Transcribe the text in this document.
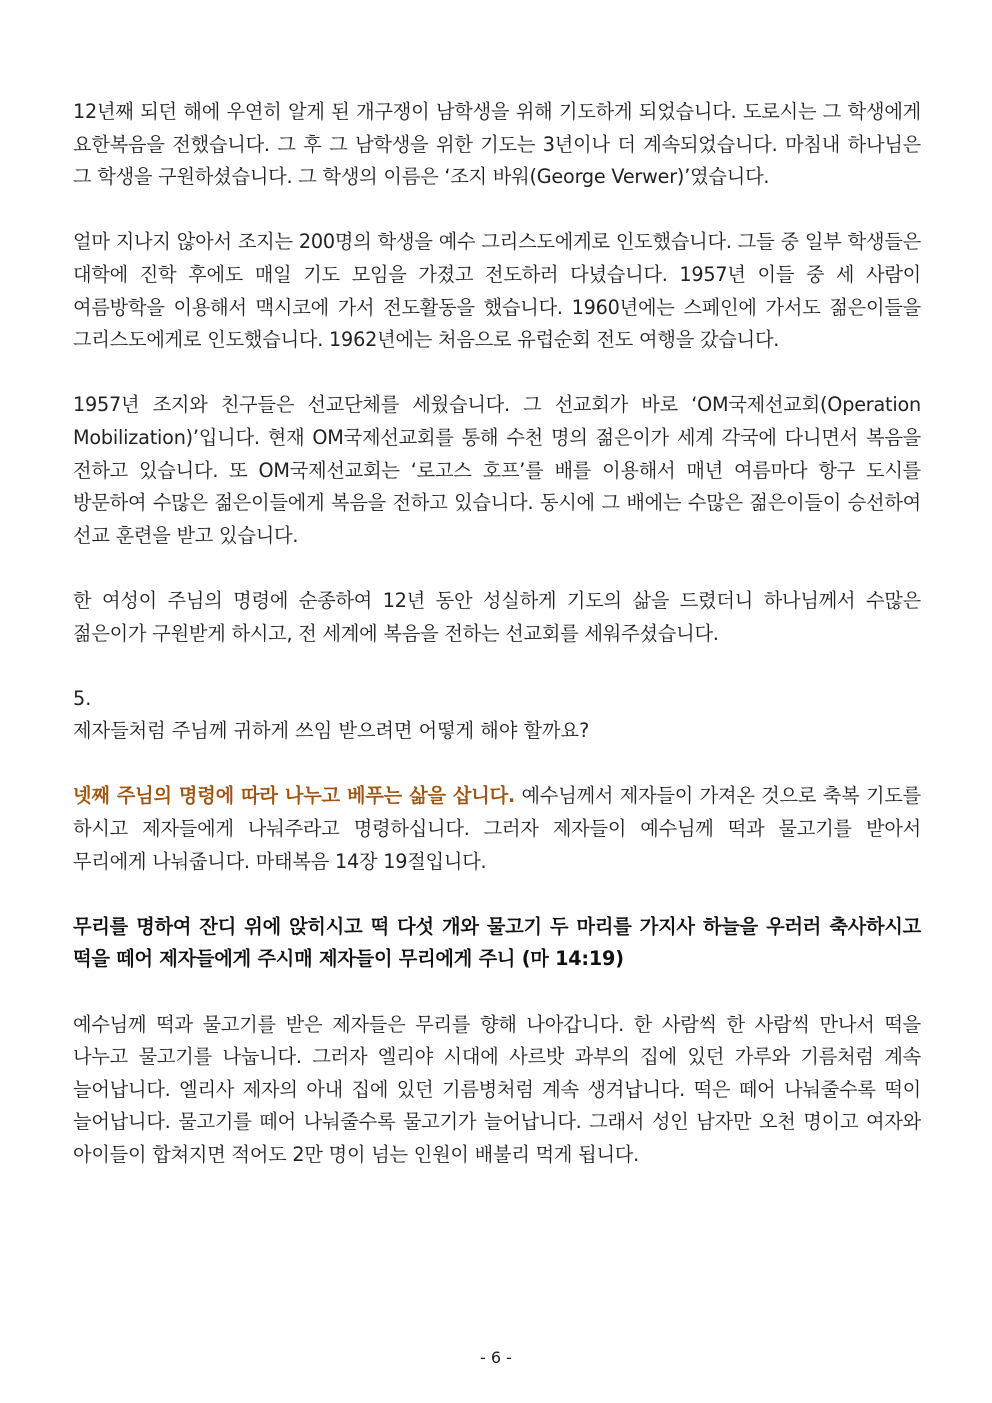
12년째 되던 해에 우연히 알게 된 개구쟁이 남학생을 위해 기도하게 되었습니다. 도로시는 그 학생에게 요한복음을 전했습니다. 그 후 그 남학생을 위한 기도는 3년이나 더 계속되었습니다. 마침내 하나님은 그 학생을 구원하셨습니다. 그 학생의 이름은 ‘조지 바워(George Verwer)’였습니다.

얼마 지나지 않아서 조지는 200명의 학생을 예수 그리스도에게로 인도했습니다. 그들 중 일부 학생들은 대학에 진학 후에도 매일 기도 모임을 가졌고 전도하러 다녔습니다. 1957년 이들 중 세 사람이 여름방학을 이용해서 맥시코에 가서 전도활동을 했습니다. 1960년에는 스페인에 가서도 젊은이들을 그리스도에게로 인도했습니다. 1962년에는 처음으로 유럽순회 전도 여행을 갔습니다.

1957년 조지와 친구들은 선교단체를 세웠습니다. 그 선교회가 바로 ‘OM국제선교회(Operation Mobilization)’입니다. 현재 OM국제선교회를 통해 수천 명의 젊은이가 세계 각국에 다니면서 복음을 전하고 있습니다. 또 OM국제선교회는 ‘로고스 호프’를 배를 이용해서 매년 여름마다 항구 도시를 방문하여 수많은 젊은이들에게 복음을 전하고 있습니다. 동시에 그 배에는 수많은 젊은이들이 승선하여 선교 훈련을 받고 있습니다.

한 여성이 주님의 명령에 순종하여 12년 동안 성실하게 기도의 삶을 드렸더니 하나님께서 수많은 젊은이가 구원받게 하시고, 전 세계에 복음을 전하는 선교회를 세워주셨습니다.

5.
제자들처럼 주님께 귀하게 쓰임 받으려면 어떻게 해야 할까요?

넷째 주님의 명령에 따라 나누고 베푸는 삶을 삽니다. 예수님께서 제자들이 가져온 것으로 축복 기도를 하시고 제자들에게 나눠주라고 명령하십니다. 그러자 제자들이 예수님께 떡과 물고기를 받아서 무리에게 나눠줍니다. 마태복음 14장 19절입니다.

무리를 명하여 잔디 위에 앉히시고 떡 다섯 개와 물고기 두 마리를 가지사 하늘을 우러러 축사하시고 떡을 떼어 제자들에게 주시매 제자들이 무리에게 주니 (마 14:19)

예수님께 떡과 물고기를 받은 제자들은 무리를 향해 나아갑니다. 한 사람씩 한 사람씩 만나서 떡을 나누고 물고기를 나눕니다. 그러자 엘리야 시대에 사르밧 과부의 집에 있던 가루와 기름처럼 계속 늘어납니다. 엘리사 제자의 아내 집에 있던 기름병처럼 계속 생겨납니다. 떡은 떼어 나눠줄수록 떡이 늘어납니다. 물고기를 떼어 나눠줄수록 물고기가 늘어납니다. 그래서 성인 남자만 오천 명이고 여자와 아이들이 합쳐지면 적어도 2만 명이 넘는 인원이 배불리 먹게 됩니다.

- 6 -
